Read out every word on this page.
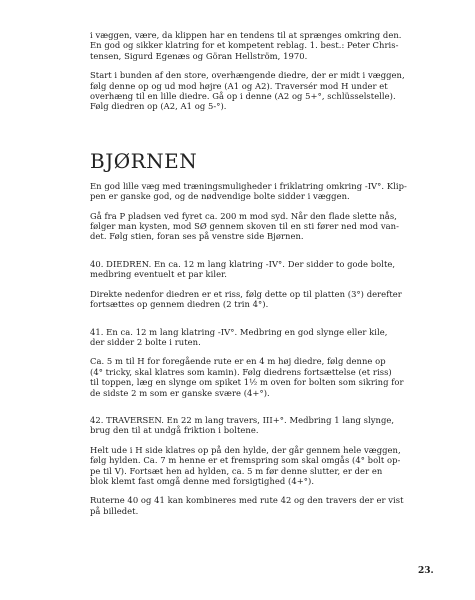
i væggen, være, da klippen har en tendens til at sprænges omkring den.
En god og sikker klatring for et kompetent reblag. 1. best.: Peter Chris-
tensen, Sigurd Egenæs og Göran Hellström, 1970.

Start i bunden af den store, overhængende diedre, der er midt i væggen,
følg denne op og ud mod højre (A1 og A2). Traversér mod H under et
overhæng til en lille diedre. Gå op i denne (A2 og 5+°, schlüsselstelle).
Følg diedren op (A2, A1 og 5-°).

BJØRNEN

En god lille væg med træningsmuligheder i friklatring omkring -IV°. Klip-
pen er ganske god, og de nødvendige bolte sidder i væggen.

Gå fra P pladsen ved fyret ca. 200 m mod syd. Når den flade slette nås,
følger man kysten, mod SØ gennem skoven til en sti fører ned mod van-
det. Følg stien, foran ses på venstre side Bjørnen.

40. DIEDREN. En ca. 12 m lang klatring -IV°. Der sidder to gode bolte,
medbring eventuelt et par kiler.

Direkte nedenfor diedren er et riss, følg dette op til platten (3°) derefter
fortsættes op gennem diedren (2 trin 4°).

41. En ca. 12 m lang klatring -IV°. Medbring en god slynge eller kile,
der sidder 2 bolte i ruten.

Ca. 5 m til H for foregående rute er en 4 m høj diedre, følg denne op
(4° tricky, skal klatres som kamin). Følg diedrens fortsættelse (et riss)
til toppen, læg en slynge om spiket 1½ m oven for bolten som sikring for
de sidste 2 m som er ganske svære (4+°).

42. TRAVERSEN. En 22 m lang travers, III+°. Medbring 1 lang slynge,
brug den til at undgå friktion i boltene.

Helt ude i H side klatres op på den hylde, der går gennem hele væggen,
følg hylden. Ca. 7 m henne er et fremspring som skal omgås (4° bolt op-
pe til V). Fortsæt hen ad hylden, ca. 5 m før denne slutter, er der en
blok klemt fast omgå denne med forsigtighed (4+°).

Ruterne 40 og 41 kan kombineres med rute 42 og den travers der er vist
på billedet.

23.
